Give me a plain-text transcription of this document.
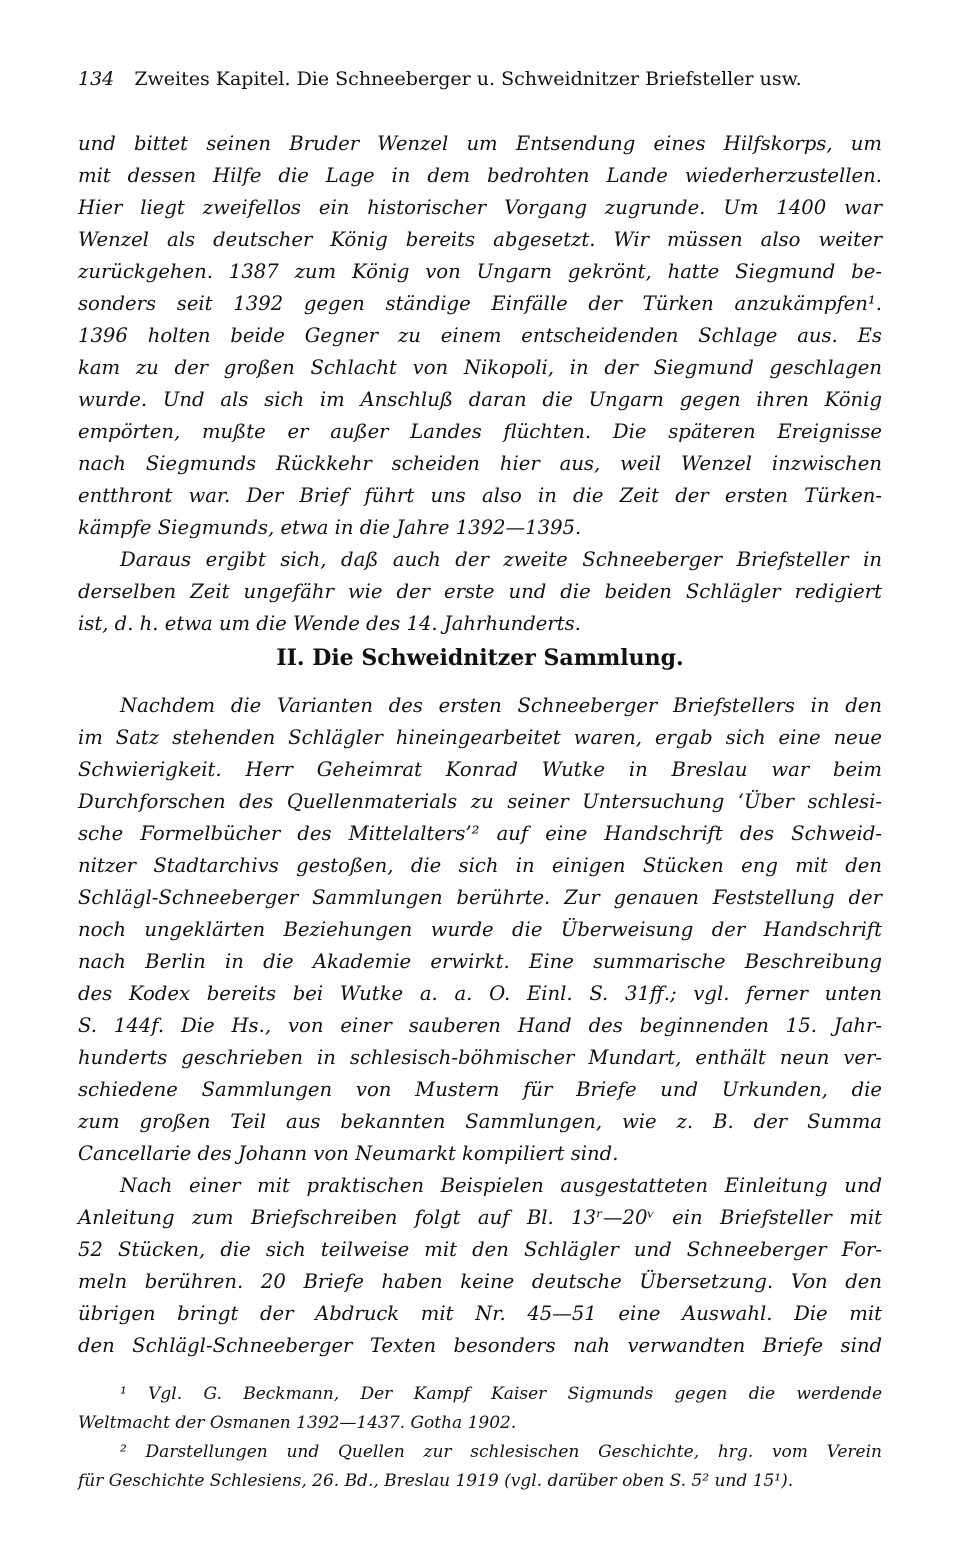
134 Zweites Kapitel. Die Schneeberger u. Schweidnitzer Briefsteller usw.
und bittet seinen Bruder Wenzel um Entsendung eines Hilfskorps, um
mit dessen Hilfe die Lage in dem bedrohten Lande wiederherzustellen.
Hier liegt zweifellos ein historischer Vorgang zugrunde. Um 1400 war
Wenzel als deutscher König bereits abgesetzt. Wir müssen also weiter
zurückgehen. 1387 zum König von Ungarn gekrönt, hatte Siegmund be-
sonders seit 1392 gegen ständige Einfälle der Türken anzukämpfen¹.
1396 holten beide Gegner zu einem entscheidenden Schlage aus. Es
kam zu der großen Schlacht von Nikopoli, in der Siegmund geschlagen
wurde. Und als sich im Anschluß daran die Ungarn gegen ihren König
empörten, mußte er außer Landes flüchten. Die späteren Ereignisse
nach Siegmunds Rückkehr scheiden hier aus, weil Wenzel inzwischen
entthront war. Der Brief führt uns also in die Zeit der ersten Türken-
kämpfe Siegmunds, etwa in die Jahre 1392—1395.
Daraus ergibt sich, daß auch der zweite Schneeberger Briefsteller in
derselben Zeit ungefähr wie der erste und die beiden Schlägler redigiert
ist, d. h. etwa um die Wende des 14. Jahrhunderts.
II. Die Schweidnitzer Sammlung.
Nachdem die Varianten des ersten Schneeberger Briefstellers in den
im Satz stehenden Schlägler hineingearbeitet waren, ergab sich eine neue
Schwierigkeit. Herr Geheimrat Konrad Wutke in Breslau war beim
Durchforschen des Quellenmaterials zu seiner Untersuchung ‘Über schlesi-
sche Formelbücher des Mittelalters’² auf eine Handschrift des Schweid-
nitzer Stadtarchivs gestoßen, die sich in einigen Stücken eng mit den
Schlägl-Schneeberger Sammlungen berührte. Zur genauen Feststellung der
noch ungeklärten Beziehungen wurde die Überweisung der Handschrift
nach Berlin in die Akademie erwirkt. Eine summarische Beschreibung
des Kodex bereits bei Wutke a. a. O. Einl. S. 31ff.; vgl. ferner unten
S. 144f. Die Hs., von einer sauberen Hand des beginnenden 15. Jahr-
hunderts geschrieben in schlesisch-böhmischer Mundart, enthält neun ver-
schiedene Sammlungen von Mustern für Briefe und Urkunden, die
zum großen Teil aus bekannten Sammlungen, wie z. B. der Summa
Cancellarie des Johann von Neumarkt kompiliert sind.
Nach einer mit praktischen Beispielen ausgestatteten Einleitung und
Anleitung zum Briefschreiben folgt auf Bl. 13ʳ—20ᵛ ein Briefsteller mit
52 Stücken, die sich teilweise mit den Schlägler und Schneeberger For-
meln berühren. 20 Briefe haben keine deutsche Übersetzung. Von den
übrigen bringt der Abdruck mit Nr. 45—51 eine Auswahl. Die mit
den Schlägl-Schneeberger Texten besonders nah verwandten Briefe sind
¹ Vgl. G. Beckmann, Der Kampf Kaiser Sigmunds gegen die werdende
Weltmacht der Osmanen 1392—1437. Gotha 1902.
² Darstellungen und Quellen zur schlesischen Geschichte, hrg. vom Verein
für Geschichte Schlesiens, 26. Bd., Breslau 1919 (vgl. darüber oben S. 5² und 15¹).
